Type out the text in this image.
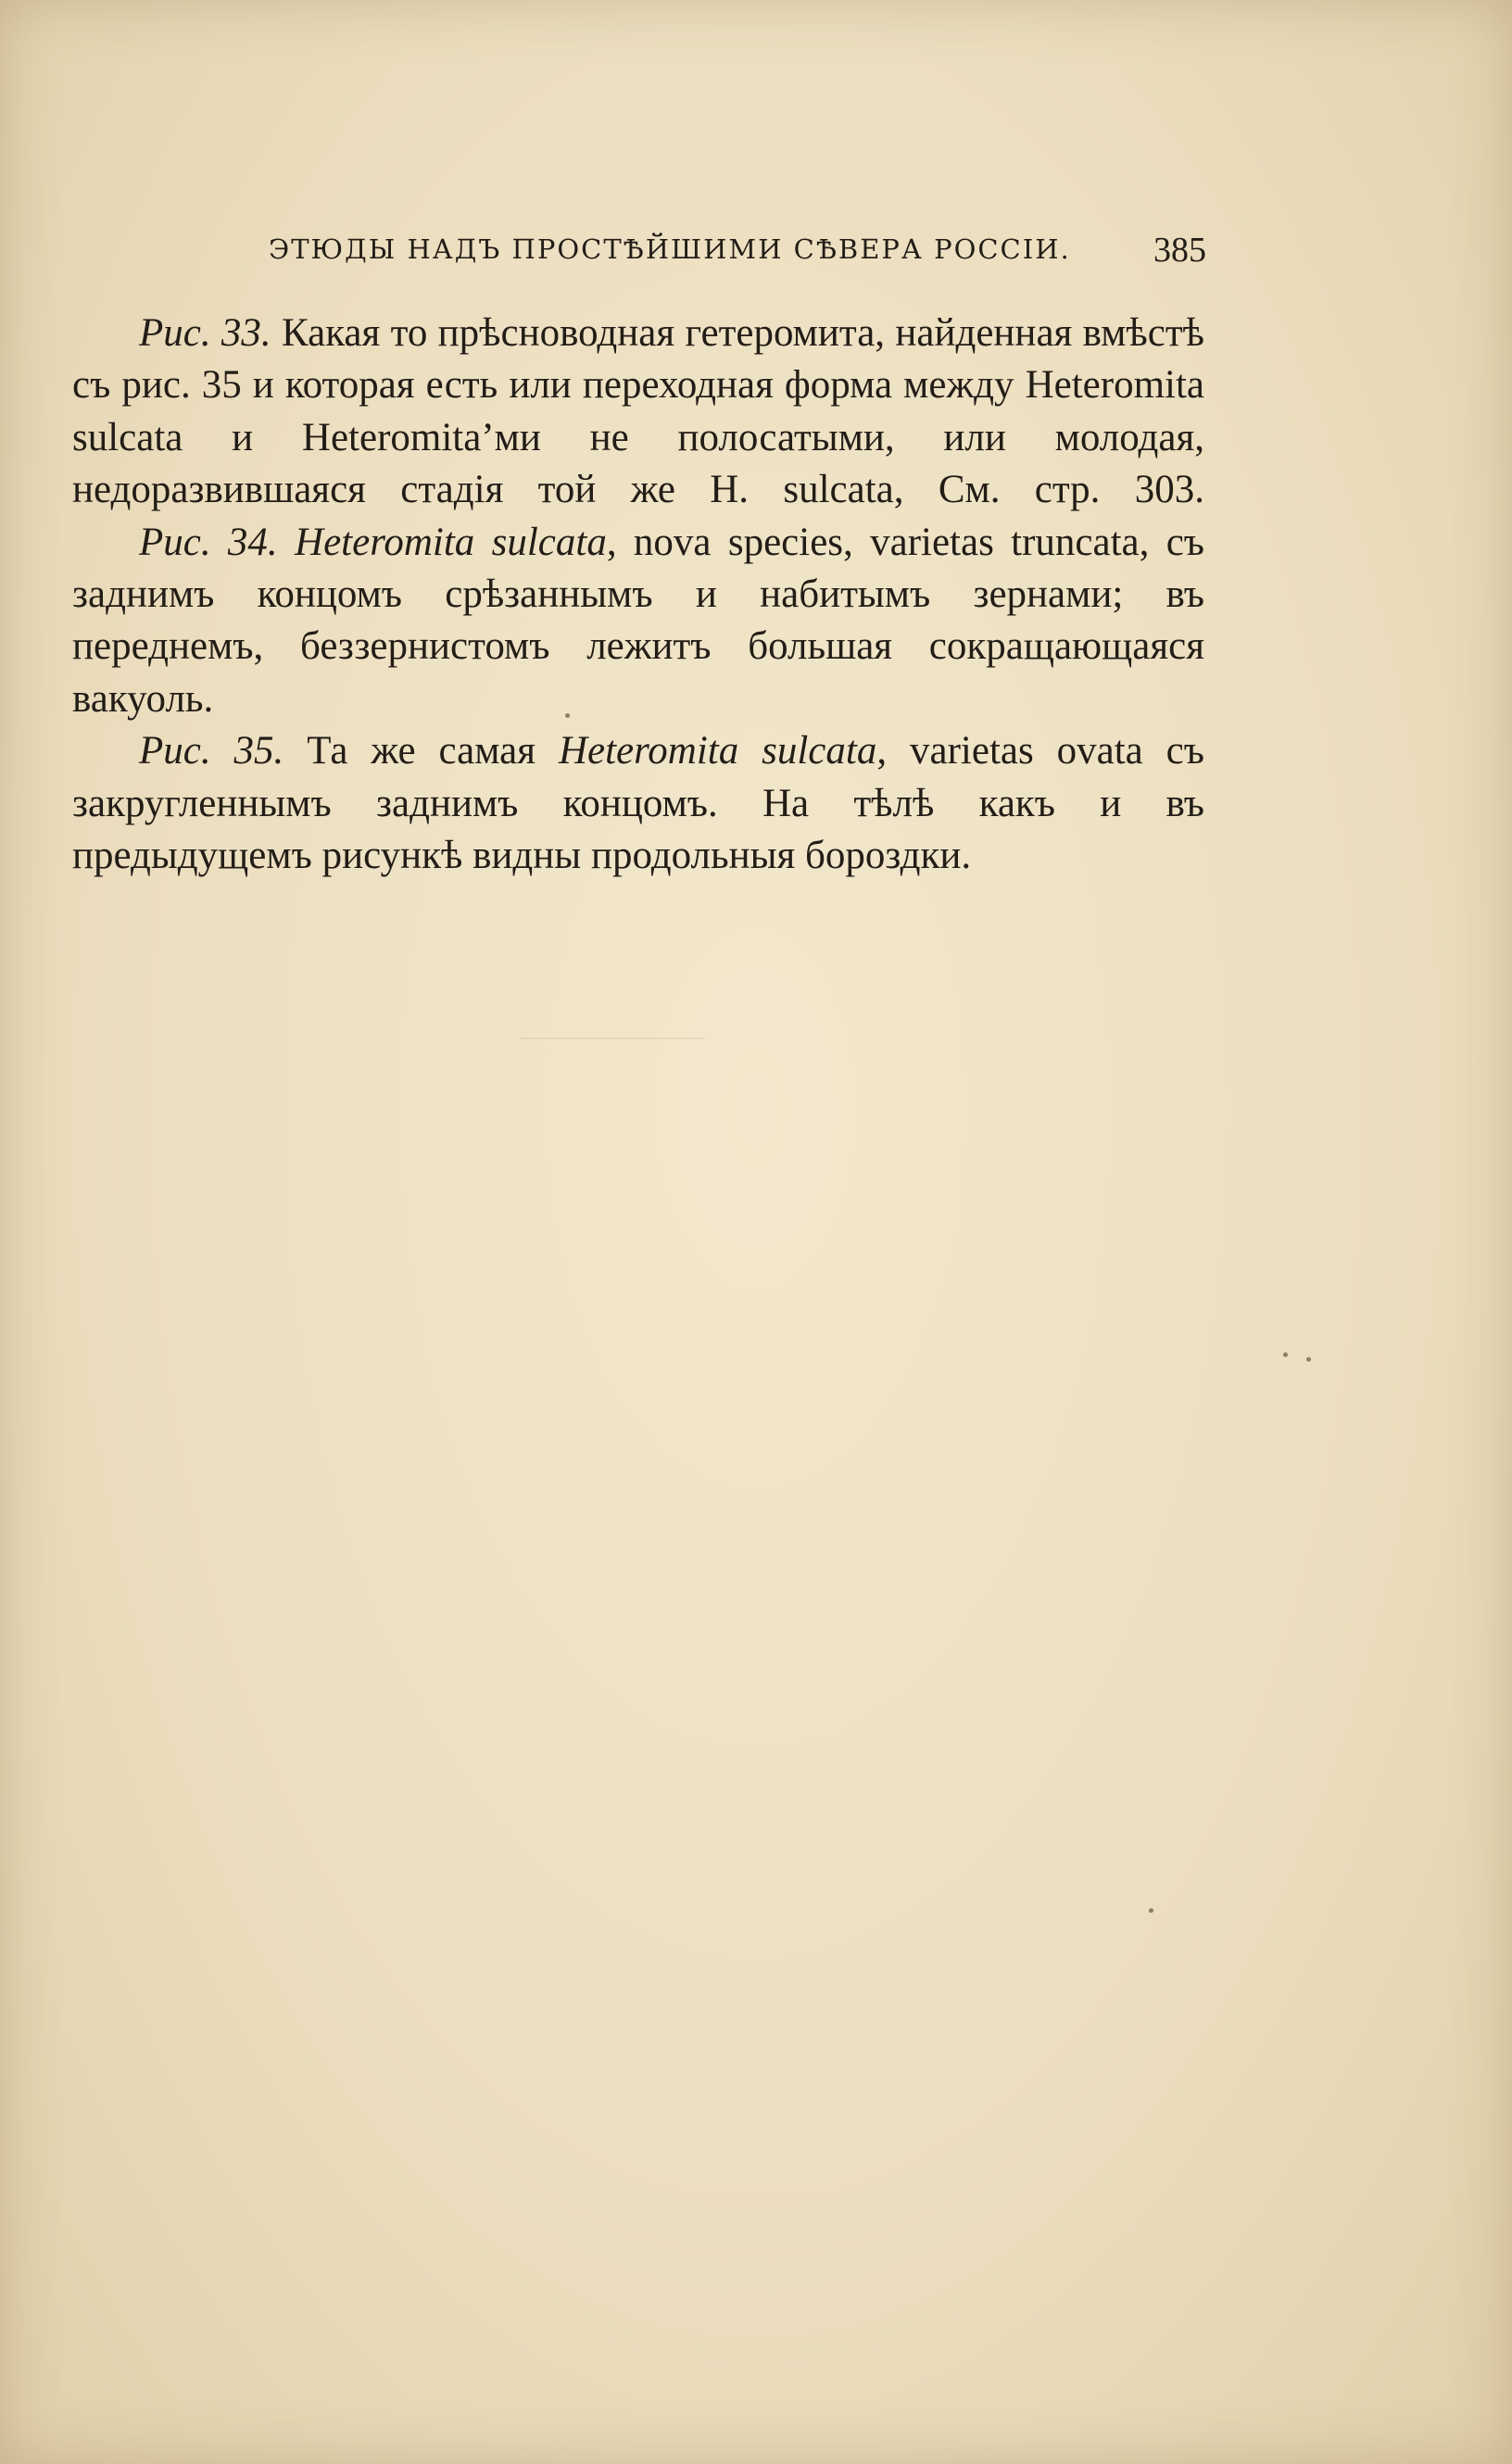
ЭТЮДЫ НАДЪ ПРОСТѢЙШИМИ СѢВЕРА РОССІИ. 385

Рис. 33. Какая то прѣсноводная гетеромита, найденная вмѣстѣ съ рис. 35 и которая есть или переходная форма между Heteromita sulcata и Heteromita’ми не полосатыми, или молодая, недоразвившаяся стадія той же H. sulcata, См. стр. 303.

Рис. 34. Heteromita sulcata, nova species, varietas truncata, съ заднимъ концомъ срѣзаннымъ и набитымъ зернами; въ переднемъ, беззернистомъ лежитъ большая сокращающаяся вакуоль.

Рис. 35. Та же самая Heteromita sulcata, varietas ovata съ закругленнымъ заднимъ концомъ. На тѣлѣ какъ и въ предыдущемъ рисункѣ видны продольныя бороздки.
